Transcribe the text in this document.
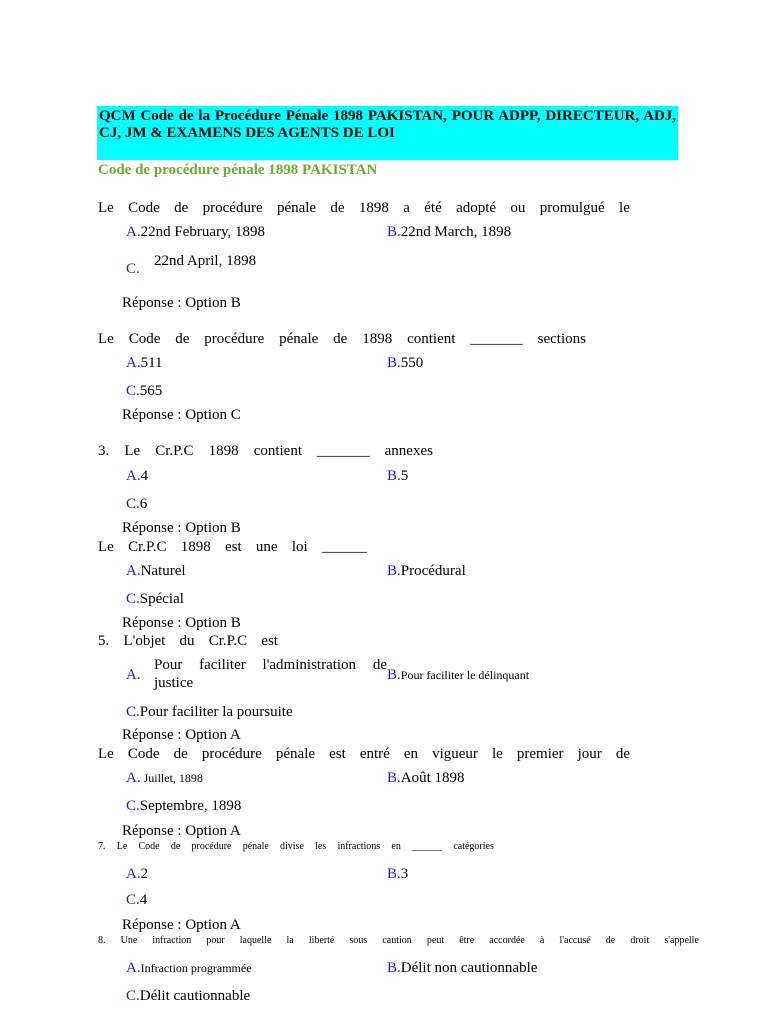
QCM Code de la Procédure Pénale 1898 PAKISTAN, POUR ADPP, DIRECTEUR, ADJ, CJ, JM & EXAMENS DES AGENTS DE LOI
Code de procédure pénale 1898 PAKISTAN
Le Code de procédure pénale de 1898 a été adopté ou promulgué le
A.22nd February, 1898	B.22nd March, 1898
C. 22nd April, 1898
Réponse : Option B
Le Code de procédure pénale de 1898 contient _______ sections
A.511	B.550
C.565
Réponse : Option C
3. Le Cr.P.C 1898 contient _______ annexes
A.4	B.5
C.6
Réponse : Option B
Le Cr.P.C 1898 est une loi ______
A.Naturel	B.Procédural
C.Spécial
Réponse : Option B
5. L'objet du Cr.P.C est
A.
Pour faciliter l'administration de justice	B.Pour faciliter le délinquant
C.Pour faciliter la poursuite
Réponse : Option A
Le Code de procédure pénale est entré en vigueur le premier jour de
A. Juillet, 1898	B.Août 1898
C.Septembre, 1898
Réponse : Option A
7. Le Code de procédure pénale divise les infractions en ______ catégories
A.2	B.3
C.4
Réponse : Option A
8. Une infraction pour laquelle la liberté sous caution peut être accordée à l'accusé de droit s'appelle
A.Infraction programmée	B.Délit non cautionnable
C.Délit cautionnable
